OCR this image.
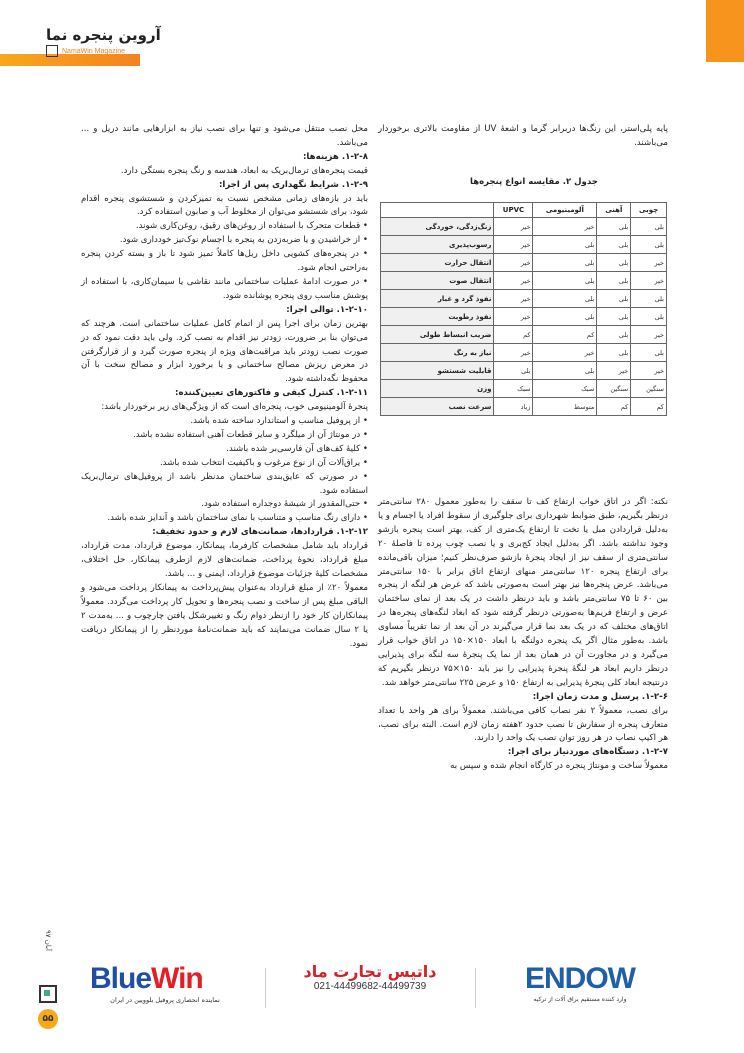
آروین پنجره نما
NamaWin Magazine

محل نصب منتقل می‌شود و تنها برای نصب نیاز به ابزارهایی مانند دریل و ... می‌باشد.

۱-۲-۸. هزینه‌ها:

قیمت پنجره‌های ترمال‌بریک به ابعاد، هندسه و رنگ پنجره بستگی دارد.

۱-۲-۹. شرایط نگهداری پس از اجرا:

باید در بازه‌های زمانی مشخص نسبت به تمیزکردن و شستشوی پنجره اقدام شود، برای شستشو می‌توان از مخلوط آب و صابون استفاده کرد.

• قطعات متحرک با استفاده از روغن‌های رقیق، روغن‌کاری شوند.

• از خراشیدن و یا ضربه‌زدن به پنجره با اجسام نوک‌تیز خودداری شود.

• در پنجره‌های کشویی داخل ریل‌ها کاملاً تمیز شود تا باز و بسته کردن پنجره به‌راحتی انجام شود.

• در صورت ادامهٔ عملیات ساختمانی مانند نقاشی یا سیمان‌کاری، با استفاده از پوشش مناسب روی پنجره پوشانده شود.

۱-۲-۱۰. توالی اجرا:

بهترین زمان برای اجرا پس از اتمام کامل عملیات ساختمانی است. هرچند که می‌توان بنا بر ضرورت، زودتر نیز اقدام به نصب کرد. ولی باید دقت نمود که در صورت نصب زودتر باید مراقبت‌های ویژه از پنجره صورت گیرد و از قرارگرفتن در معرض ریزش مصالح ساختمانی و یا برخورد ابزار و مصالح سخت با آن محفوظ نگه‌داشته شود.

۱-۲-۱۱. کنترل کیفی و فاکتورهای تعیین‌کننده:

پنجرهٔ آلومینیومی خوب، پنجره‌ای است که از ویژگی‌های زیر برخوردار باشد:

• از پروفیل مناسب و استاندارد ساخته شده باشد.

• در مونتاژ آن از میلگرد و سایر قطعات آهنی استفاده نشده باشد.

• کلیهٔ کف‌های آن فارسی‌بر شده باشند.

• یراق‌آلات آن از نوع مرغوب و باکیفیت انتخاب شده باشد.

• در صورتی که عایق‌بندی ساختمان مدنظر باشد از پروفیل‌های ترمال‌بریک استفاده شود.

• حتی‌المقدور از شیشهٔ دوجداره استفاده شود.

• دارای رنگ مناسب و متناسب با نمای ساختمان باشد و آندایز شده باشد.

۱-۲-۱۲. قراردادها، ضمانت‌های لازم و حدود تخفیف:

قرارداد باید شامل مشخصات کارفرما، پیمانکار، موضوع قرارداد، مدت قرارداد، مبلغ قرارداد، نحوهٔ پرداخت، ضمانت‌های لازم ازطرف پیمانکار، حل اختلاف، مشخصات کلیهٔ جزئیات موضوع قرارداد، ایمنی و ... باشد.

معمولاً ۲۰٪ از مبلغ قرارداد به‌عنوان پیش‌پرداخت به پیمانکار پرداخت می‌شود و الباقی مبلغ پس از ساخت و نصب پنجره‌ها و تحویل کار پرداخت می‌گردد. معمولاً پیمانکاران کار خود را ازنظر دوام رنگ و تغییرشکل یافتن چارچوب و ... به‌مدت ۲ یا ۲ سال ضمانت می‌نمایند که باید ضمانت‌نامهٔ موردنظر را از پیمانکار دریافت نمود.

پایه پلی‌استر، این رنگ‌ها دربرابر گرما و اشعهٔ UV از مقاومت بالاتری برخوردار می‌باشند.

جدول ۲. مقایسه انواع پنجره‌ها
چوبی	آهنی	آلومینیومی	UPVC	
بلی	بلی	خیر	خیر	زنگ‌زدگی، خوردگی
بلی	بلی	بلی	خیر	رسوب‌پذیری
خیر	بلی	بلی	خیر	انتقال حرارت
خیر	بلی	بلی	خیر	انتقال صوت
بلی	بلی	بلی	خیر	نفوذ گرد و غبار
بلی	بلی	بلی	خیر	نفوذ رطوبت
خیر	بلی	کم	کم	ضریب انبساط طولی
بلی	بلی	خیر	خیر	نیاز به رنگ
خیر	خیر	بلی	بلی	قابلیت شستشو
سنگین	سنگین	سبک	سبک	وزن
کم	کم	متوسط	زیاد	سرعت نصب

نکته: اگر در اتاق خواب ارتفاع کف تا سقف را به‌طور معمول ۲۸۰ سانتی‌متر درنظر بگیریم، طبق ضوابط شهرداری برای جلوگیری از سقوط افراد یا اجسام و یا به‌دلیل قرارداد‌ن مبل یا تخت تا ارتفاع یک‌متری از کف، بهتر است پنجره بازشو وجود نداشته باشد. اگر به‌دلیل ایجاد کج‌بری و یا نصب چوب پرده تا فاصلهٔ ۲۰ سانتی‌متری از سقف نیز از ایجاد پنجرهٔ بازشو صرف‌نظر کنیم؛ میزان باقی‌مانده برای ارتفاع پنجره ۱۲۰ سانتی‌متر منهای ارتفاع اتاق برابر با ۱۵۰ سانتی‌متر می‌باشد. عرض پنجره‌ها نیز بهتر است به‌صورتی باشد که عرض هر لنگه از پنجره بین ۶۰ تا ۷۵ سانتی‌متر باشد و باید درنظر داشت در یک بعد از نمای ساختمان عرض و ارتفاع فریم‌ها به‌صورتی درنظر گرفته شود که ابعاد لنگه‌های پنجره‌ها در اتاق‌های مختلف که در یک بعد نما قرار می‌گیرند در آن بعد از نما تقریباً مساوی باشد. به‌طور مثال اگر یک پنجره دولنگه با ابعاد ۱۵۰×۱۵۰ در اتاق خواب قرار می‌گیرد و در مجاورت آن در همان بعد از نما یک پنجرهٔ سه لنگه برای پذیرایی درنظر داریم ابعاد هر لنگهٔ پنجرهٔ پذیرایی را نیز باید ۱۵۰×۷۵ درنظر بگیریم که درنتیجه ابعاد کلی پنجرهٔ پذیرایی به ارتفاع ۱۵۰ و عرض ۲۲۵ سانتی‌متر خواهد شد.

۱-۲-۶. پرسنل و مدت زمان اجرا:

برای نصب، معمولاً ۲ نفر نصاب کافی می‌باشند. معمولاً برای هر واحد با تعداد متعارف پنجره از سفارش تا نصب حدود ۲هفته زمان لازم است. البته برای نصب، هر اکیپ نصاب در هر روز توان نصب یک واحد را دارند.

۱-۲-۷. دستگاه‌های موردنیاز برای اجرا:

معمولاً ساخت و مونتاژ پنجره در کارگاه انجام شده و سپس به

آبان ۹۷
۵۵
BlueWin
نماینده انحصاری پروفیل بلوویین در ایران
داتیس تجارت ماد
021-44499682-44499739	ENDOW
وارد کننده مستقیم یراق آلات از ترکیه
